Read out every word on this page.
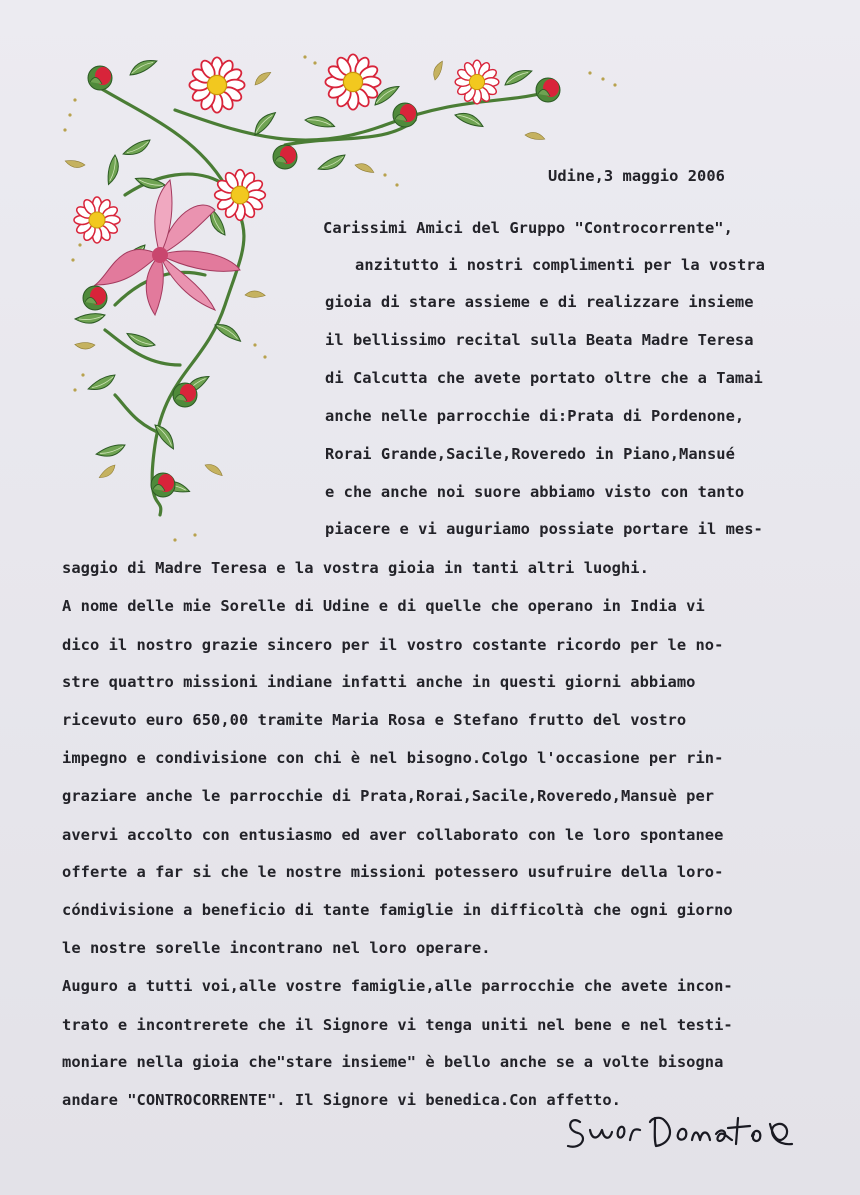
Udine,3 maggio 2006
Carissimi Amici del Gruppo "Controcorrente",
anzitutto i nostri complimenti per la vostra
gioia di stare assieme e di realizzare insieme
il bellissimo recital sulla Beata Madre Teresa
di Calcutta che avete portato oltre che a Tamai
anche nelle parrocchie di:Prata di Pordenone,
Rorai Grande,Sacile,Roveredo in Piano,Mansué
e che anche noi suore abbiamo visto con tanto
piacere e vi auguriamo possiate portare il mes-
saggio di Madre Teresa e la vostra gioia in tanti altri luoghi.
A nome delle mie Sorelle di Udine e di quelle che operano in India vi
dico il nostro grazie sincero per il vostro costante ricordo per le no-
stre quattro missioni indiane infatti anche in questi giorni abbiamo
ricevuto euro 650,00 tramite Maria Rosa e Stefano frutto del vostro
impegno e condivisione con chi è nel bisogno.Colgo l'occasione per rin-
graziare anche le parrocchie di Prata,Rorai,Sacile,Roveredo,Mansuè per
avervi accolto con entusiasmo ed aver collaborato con le loro spontanee
offerte a far si che le nostre missioni potessero usufruire della loro-
cóndivisione a beneficio di tante famiglie in difficoltà che ogni giorno
le nostre sorelle incontrano nel loro operare.
Auguro a tutti voi,alle vostre famiglie,alle parrocchie che avete incon-
trato e incontrerete che il Signore vi tenga uniti nel bene e nel testi-
moniare nella gioia che"stare insieme" è bello anche se a volte bisogna
andare "CONTROCORRENTE". Il Signore vi benedica.Con affetto.
